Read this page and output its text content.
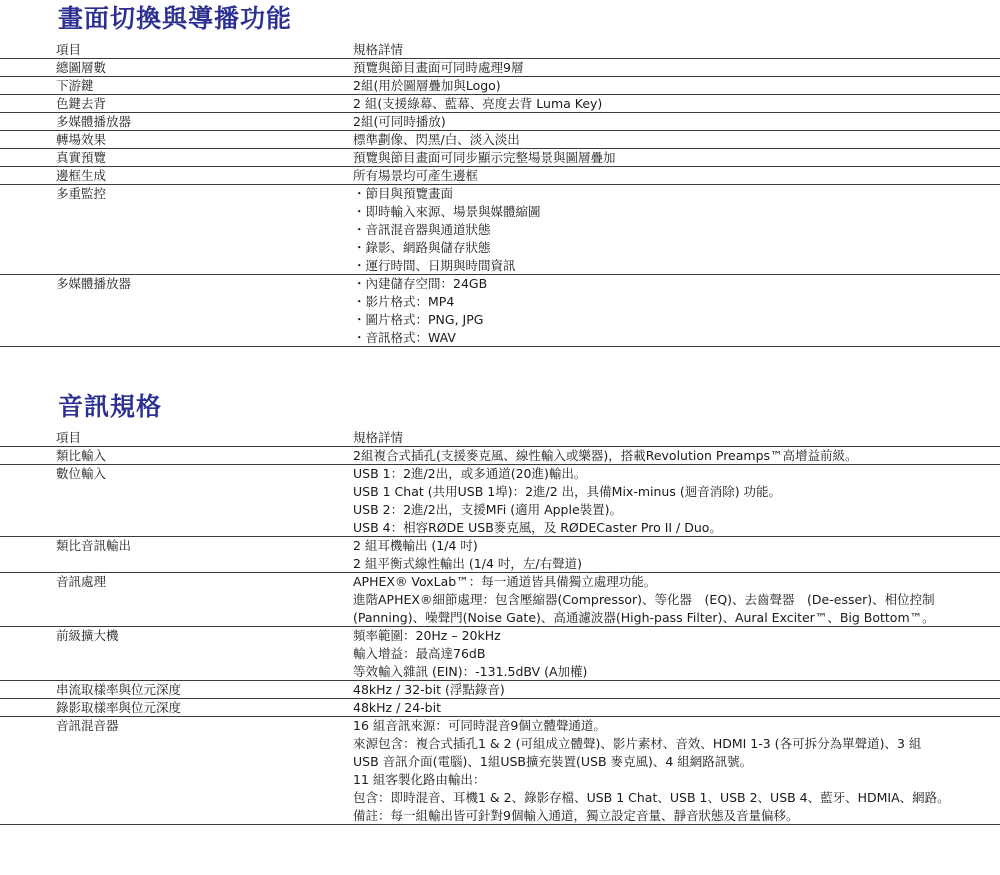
畫面切換與導播功能
項目	規格詳情
總圖層數	預覽與節目畫面可同時處理9層
下游鍵	2組(用於圖層疊加與Logo)
色鍵去背	2 組(支援綠幕、藍幕、亮度去背 Luma Key)
多媒體播放器	2組(可同時播放)
轉場效果	標準劃像、閃黑/白、淡入淡出
真實預覽	預覽與節目畫面可同步顯示完整場景與圖層疊加
邊框生成	所有場景均可產生邊框
多重監控	・節目與預覽畫面
・即時輸入來源、場景與媒體縮圖
・音訊混音器與通道狀態
・錄影、網路與儲存狀態
・運行時間、日期與時間資訊
多媒體播放器	・內建儲存空間：24GB
・影片格式：MP4
・圖片格式：PNG, JPG
・音訊格式：WAV
音訊規格
項目	規格詳情
類比輸入	2組複合式插孔(支援麥克風、線性輸入或樂器)，搭載Revolution Preamps™高增益前級。
數位輸入	USB 1：2進/2出，或多通道(20進)輸出。
USB 1 Chat (共用USB 1埠)：2進/2 出，具備Mix-minus (迴音消除) 功能。
USB 2：2進/2出，支援MFi (適用 Apple裝置)。
USB 4：相容RØDE USB麥克風，及 RØDECaster Pro II / Duo。
類比音訊輸出	2 組耳機輸出 (1/4 吋)
2 組平衡式線性輸出 (1/4 吋，左/右聲道)
音訊處理	APHEX® VoxLab™：每一通道皆具備獨立處理功能。
進階APHEX®細節處理：包含壓縮器(Compressor)、等化器　(EQ)、去齒聲器　(De-esser)、相位控制
(Panning)、噪聲門(Noise Gate)、高通濾波器(High-pass Filter)、Aural Exciter™、Big Bottom™。
前級擴大機	頻率範圍：20Hz – 20kHz
輸入增益：最高達76dB
等效輸入雜訊 (EIN)：-131.5dBV (A加權)
串流取樣率與位元深度	48kHz / 32-bit (浮點錄音)
錄影取樣率與位元深度	48kHz / 24-bit
音訊混音器	16 組音訊來源：可同時混音9個立體聲通道。
來源包含：複合式插孔1 & 2 (可組成立體聲)、影片素材、音效、HDMI 1-3 (各可拆分為單聲道)、3 組
USB 音訊介面(電腦)、1組USB擴充裝置(USB 麥克風)、4 組網路訊號。
11 組客製化路由輸出：
包含：即時混音、耳機1 & 2、錄影存檔、USB 1 Chat、USB 1、USB 2、USB 4、藍牙、HDMIA、網路。
備註：每一組輸出皆可針對9個輸入通道，獨立設定音量、靜音狀態及音量偏移。
